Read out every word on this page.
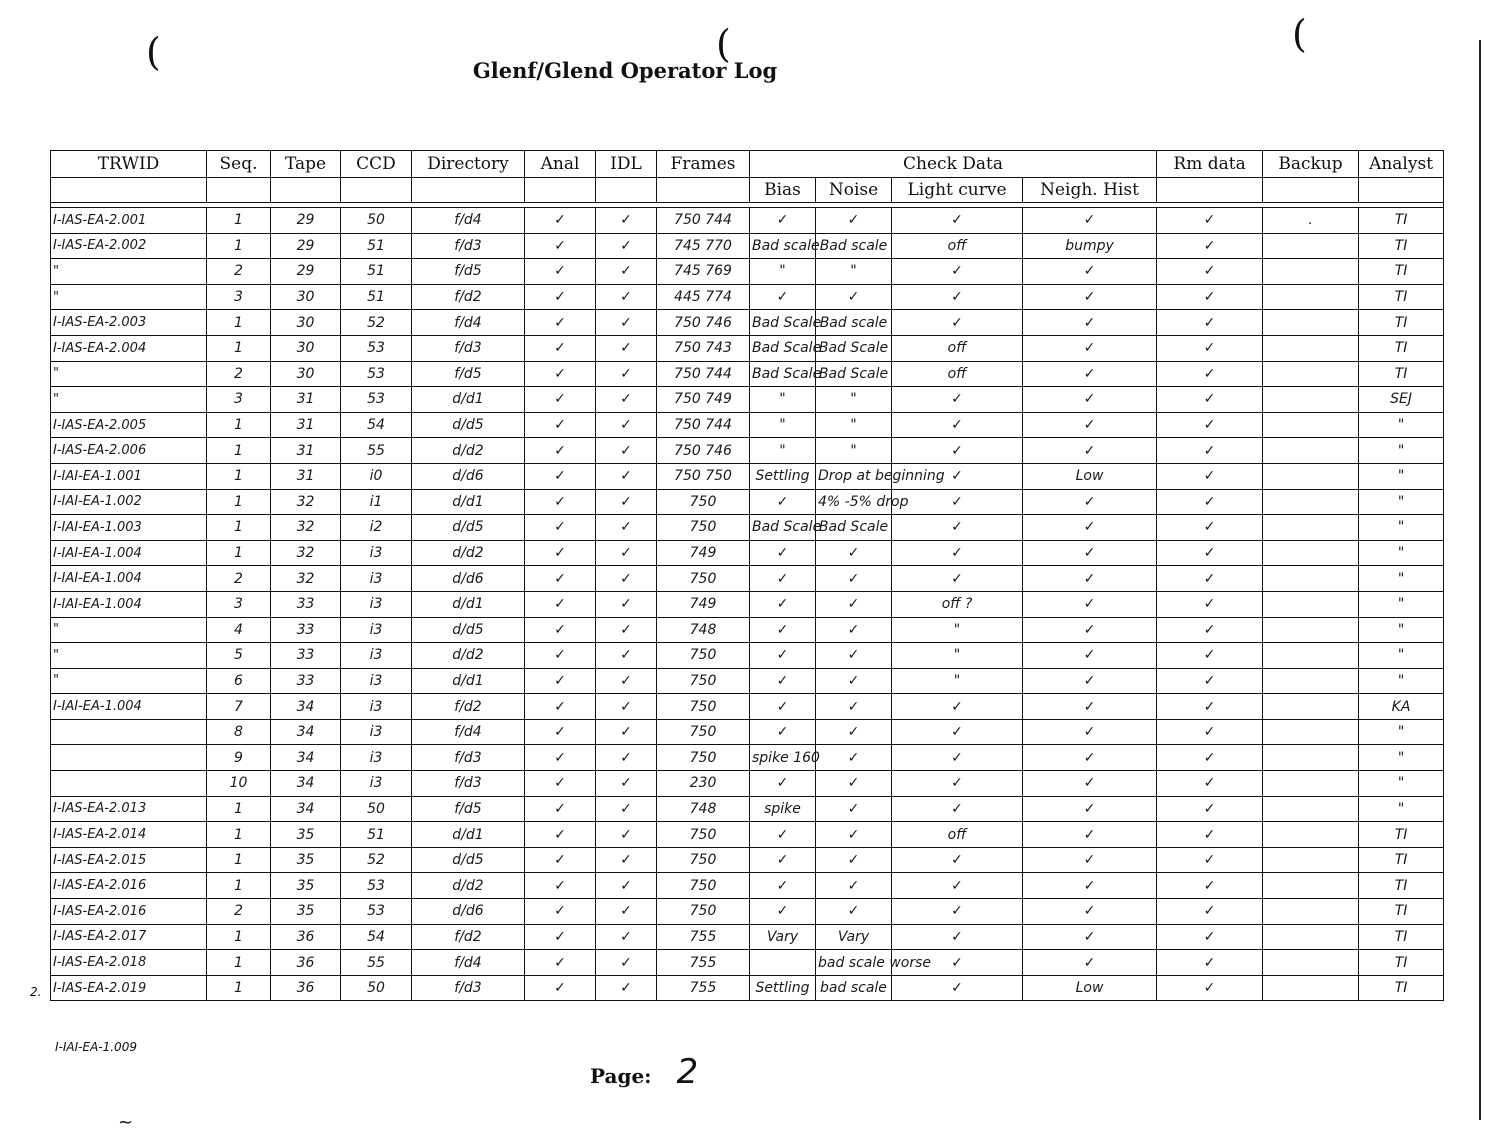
(	(	(
Glenf/Glend Operator Log
TRWID	Seq.	Tape	CCD	Directory	Anal	IDL	Frames	Check Data				Rm data	Backup	Analyst
								Bias	Noise	Light curve	Neigh. Hist			

I-IAS-EA-2.001	1	29	50	f/d4	✓	✓	750 744	✓	✓	✓	✓	✓	.	TI
I-IAS-EA-2.002	1	29	51	f/d3	✓	✓	745 770	Bad scale	Bad scale	off	bumpy	✓		TI
"	2	29	51	f/d5	✓	✓	745 769	"	"	✓	✓	✓		TI
"	3	30	51	f/d2	✓	✓	445 774	✓	✓	✓	✓	✓		TI
I-IAS-EA-2.003	1	30	52	f/d4	✓	✓	750 746	Bad Scale	Bad scale	✓	✓	✓		TI
I-IAS-EA-2.004	1	30	53	f/d3	✓	✓	750 743	Bad Scale	Bad Scale	off	✓	✓		TI
"	2	30	53	f/d5	✓	✓	750 744	Bad Scale	Bad Scale	off	✓	✓		TI
"	3	31	53	d/d1	✓	✓	750 749	"	"	✓	✓	✓		SEJ
I-IAS-EA-2.005	1	31	54	d/d5	✓	✓	750 744	"	"	✓	✓	✓		"
I-IAS-EA-2.006	1	31	55	d/d2	✓	✓	750 746	"	"	✓	✓	✓		"
I-IAI-EA-1.001	1	31	i0	d/d6	✓	✓	750 750	Settling	Drop at beginning	✓	Low	✓		"
I-IAI-EA-1.002	1	32	i1	d/d1	✓	✓	750	✓	4% -5% drop	✓	✓	✓		"
I-IAI-EA-1.003	1	32	i2	d/d5	✓	✓	750	Bad Scale	Bad Scale	✓	✓	✓		"
I-IAI-EA-1.004	1	32	i3	d/d2	✓	✓	749	✓	✓	✓	✓	✓		"
I-IAI-EA-1.004	2	32	i3	d/d6	✓	✓	750	✓	✓	✓	✓	✓		"
I-IAI-EA-1.004	3	33	i3	d/d1	✓	✓	749	✓	✓	off ?	✓	✓		"
"	4	33	i3	d/d5	✓	✓	748	✓	✓	"	✓	✓		"
"	5	33	i3	d/d2	✓	✓	750	✓	✓	"	✓	✓		"
"	6	33	i3	d/d1	✓	✓	750	✓	✓	"	✓	✓		"
I-IAI-EA-1.004	7	34	i3	f/d2	✓	✓	750	✓	✓	✓	✓	✓		KA
	8	34	i3	f/d4	✓	✓	750	✓	✓	✓	✓	✓		"
	9	34	i3	f/d3	✓	✓	750	spike 160	✓	✓	✓	✓		"
	10	34	i3	f/d3	✓	✓	230	✓	✓	✓	✓	✓		"
I-IAS-EA-2.013	1	34	50	f/d5	✓	✓	748	spike	✓	✓	✓	✓		"
I-IAS-EA-2.014	1	35	51	d/d1	✓	✓	750	✓	✓	off	✓	✓		TI
I-IAS-EA-2.015	1	35	52	d/d5	✓	✓	750	✓	✓	✓	✓	✓		TI
I-IAS-EA-2.016	1	35	53	d/d2	✓	✓	750	✓	✓	✓	✓	✓		TI
I-IAS-EA-2.016	2	35	53	d/d6	✓	✓	750	✓	✓	✓	✓	✓		TI
I-IAS-EA-2.017	1	36	54	f/d2	✓	✓	755	Vary	Vary	✓	✓	✓		TI
I-IAS-EA-2.018	1	36	55	f/d4	✓	✓	755		bad scale worse	✓	✓	✓		TI
I-IAS-EA-2.019	1	36	50	f/d3	✓	✓	755	Settling	bad scale	✓	Low	✓		TI
2.
I-IAI-EA-1.009
Page: 2
~
